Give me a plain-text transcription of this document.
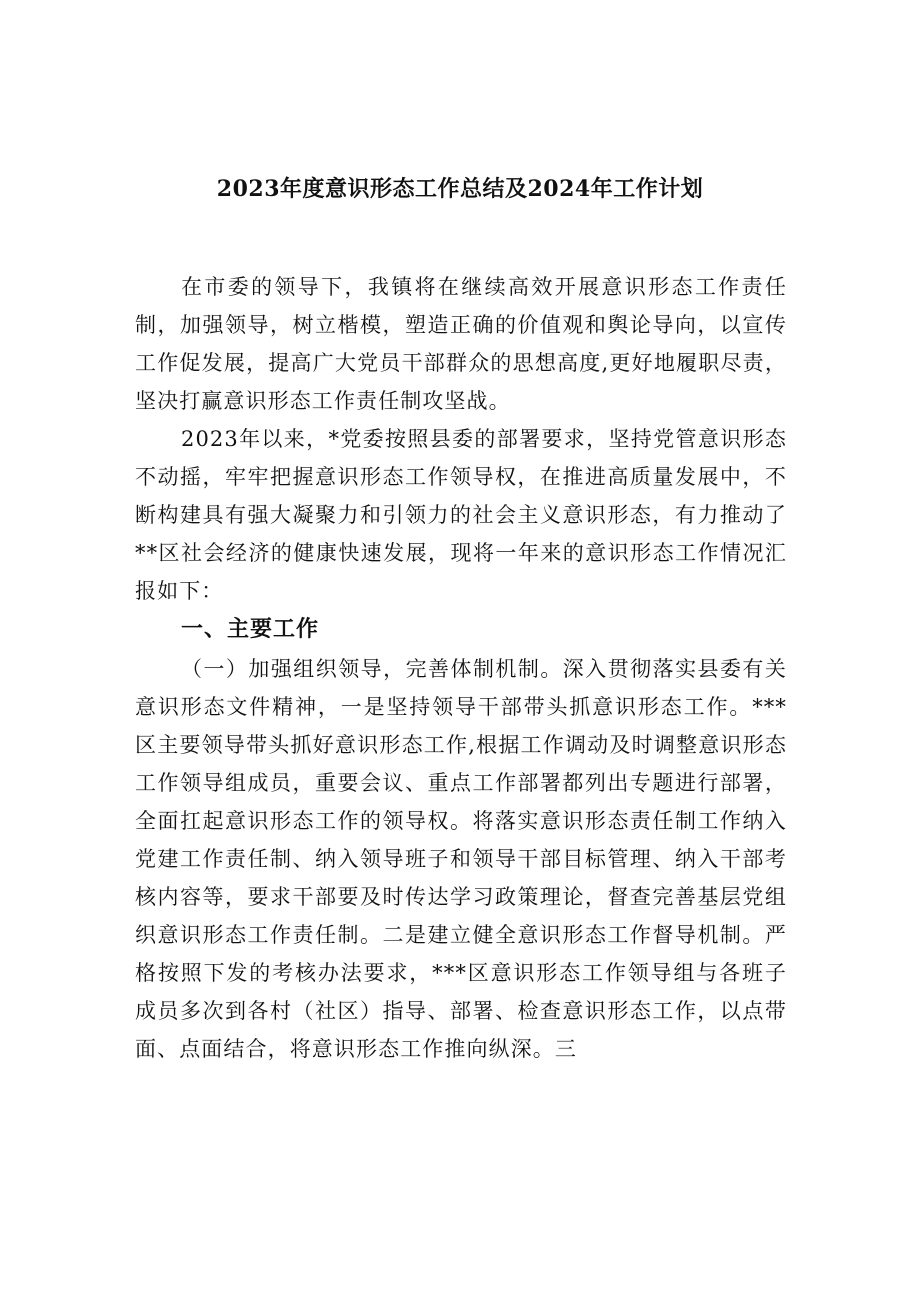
2023年度意识形态工作总结及2024年工作计划

在市委的领导下，我镇将在继续高效开展意识形态工作责任制，加强领导，树立楷模，塑造正确的价值观和舆论导向，以宣传工作促发展，提高广大党员干部群众的思想高度,更好地履职尽责，坚决打赢意识形态工作责任制攻坚战。

2023年以来，*党委按照县委的部署要求，坚持党管意识形态不动摇，牢牢把握意识形态工作领导权，在推进高质量发展中，不断构建具有强大凝聚力和引领力的社会主义意识形态，有力推动了**区社会经济的健康快速发展，现将一年来的意识形态工作情况汇报如下：

一、主要工作

（一）加强组织领导，完善体制机制。深入贯彻落实县委有关意识形态文件精神，一是坚持领导干部带头抓意识形态工作。***区主要领导带头抓好意识形态工作,根据工作调动及时调整意识形态工作领导组成员，重要会议、重点工作部署都列出专题进行部署，全面扛起意识形态工作的领导权。将落实意识形态责任制工作纳入党建工作责任制、纳入领导班子和领导干部目标管理、纳入干部考核内容等，要求干部要及时传达学习政策理论，督查完善基层党组织意识形态工作责任制。二是建立健全意识形态工作督导机制。严格按照下发的考核办法要求，***区意识形态工作领导组与各班子成员多次到各村（社区）指导、部署、检查意识形态工作，以点带面、点面结合，将意识形态工作推向纵深。三
